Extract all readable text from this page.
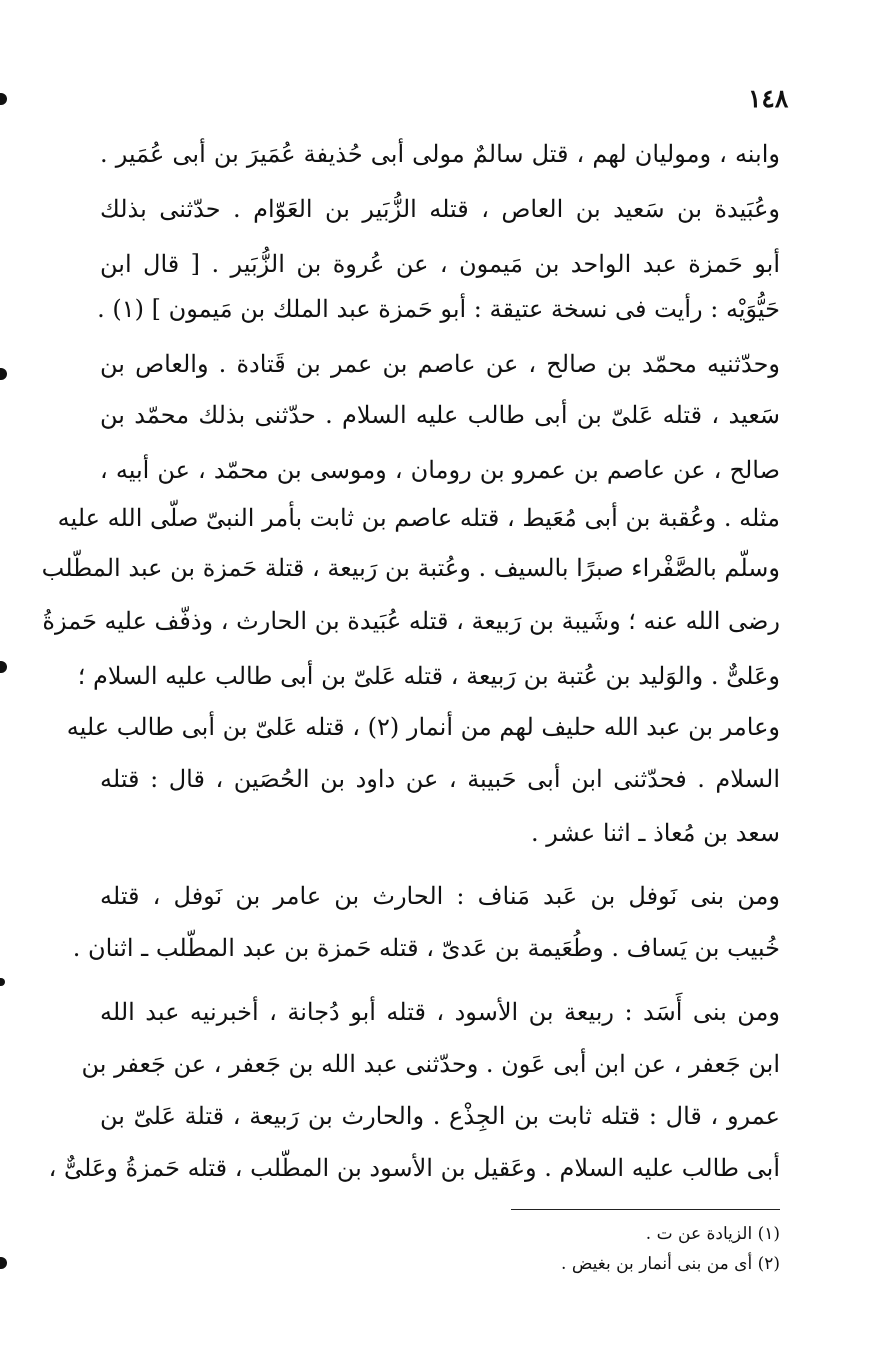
١٤٨
وابنه ، ومولیان لهم ، قتل سالمٌ مولی أبی حُذیفة عُمَیرَ بن أبی عُمَیر .
وعُبَیدة بن سَعید بن العاص ، قتله الزُّبَیر بن العَوّام . حدّثنی بذلك
أبو حَمزة عبد الواحد بن مَیمون ، عن عُروة بن الزُّبَیر . [ قال ابن
حَیُّوَیْه : رأیت فی نسخة عتیقة : أبو حَمزة عبد الملك بن مَیمون ] (١) .
وحدّثنیه محمّد بن صالح ، عن عاصم بن عمر بن قَتادة . والعاص بن
سَعید ، قتله عَلیّ بن أبی طالب علیه السلام . حدّثنی بذلك محمّد بن
صالح ، عن عاصم بن عمرو بن رومان ، وموسی بن محمّد ، عن أبیه ،
مثله . وعُقبة بن أبی مُعَیط ، قتله عاصم بن ثابت بأمر النبیّ صلّی الله علیه
وسلّم بالصَّفْراء صبرًا بالسیف . وعُتبة بن رَبیعة ، قتلة حَمزة بن عبد المطّلب
رضی الله عنه ؛ وشَیبة بن رَبیعة ، قتله عُبَیدة بن الحارث ، وذفّف علیه حَمزةُ
وعَلیٌّ . والوَلید بن عُتبة بن رَبیعة ، قتله عَلیّ بن أبی طالب علیه السلام ؛
وعامر بن عبد الله حلیف لهم من أنمار (٢) ، قتله عَلیّ بن أبی طالب علیه
السلام . فحدّثنی ابن أبی حَبیبة ، عن داود بن الحُصَین ، قال : قتله
سعد بن مُعاذ ـ اثنا عشر .
ومن بنی نَوفل بن عَبد مَناف : الحارث بن عامر بن نَوفل ، قتله
خُبیب بن یَساف . وطُعَیمة بن عَدیّ ، قتله حَمزة بن عبد المطّلب ـ اثنان .
ومن بنی أَسَد : ربیعة بن الأسود ، قتله أبو دُجانة ، أخبرنیه عبد الله
ابن جَعفر ، عن ابن أبی عَون . وحدّثنی عبد الله بن جَعفر ، عن جَعفر بن
عمرو ، قال : قتله ثابت بن الجِذْع . والحارث بن رَبیعة ، قتلة عَلیّ بن
أبی طالب علیه السلام . وعَقیل بن الأسود بن المطّلب ، قتله حَمزةُ وعَلیٌّ ،
(١) الزیادة عن ت .
(٢) أی من بنی أنمار بن بغیض .
